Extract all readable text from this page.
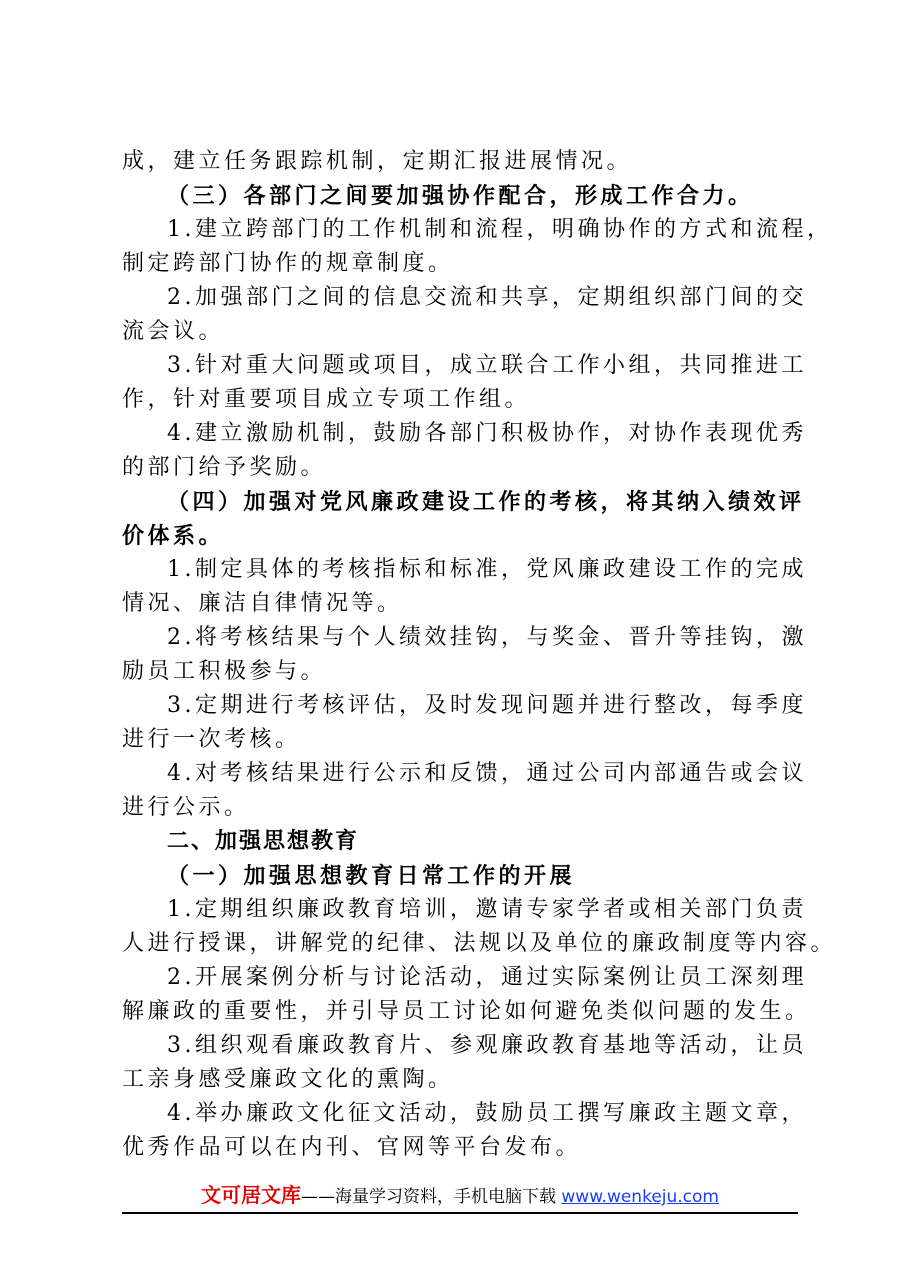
成，建立任务跟踪机制，定期汇报进展情况。
（三）各部门之间要加强协作配合，形成工作合力。
1.建立跨部门的工作机制和流程，明确协作的方式和流程，
制定跨部门协作的规章制度。
2.加强部门之间的信息交流和共享，定期组织部门间的交
流会议。
3.针对重大问题或项目，成立联合工作小组，共同推进工
作，针对重要项目成立专项工作组。
4.建立激励机制，鼓励各部门积极协作，对协作表现优秀
的部门给予奖励。
（四）加强对党风廉政建设工作的考核，将其纳入绩效评
价体系。
1.制定具体的考核指标和标准，党风廉政建设工作的完成
情况、廉洁自律情况等。
2.将考核结果与个人绩效挂钩，与奖金、晋升等挂钩，激
励员工积极参与。
3.定期进行考核评估，及时发现问题并进行整改，每季度
进行一次考核。
4.对考核结果进行公示和反馈，通过公司内部通告或会议
进行公示。
二、加强思想教育
（一）加强思想教育日常工作的开展
1.定期组织廉政教育培训，邀请专家学者或相关部门负责
人进行授课，讲解党的纪律、法规以及单位的廉政制度等内容。
2.开展案例分析与讨论活动，通过实际案例让员工深刻理
解廉政的重要性，并引导员工讨论如何避免类似问题的发生。
3.组织观看廉政教育片、参观廉政教育基地等活动，让员
工亲身感受廉政文化的熏陶。
4.举办廉政文化征文活动，鼓励员工撰写廉政主题文章，
优秀作品可以在内刊、官网等平台发布。
文可居文库——海量学习资料，手机电脑下载 www.wenkeju.com
